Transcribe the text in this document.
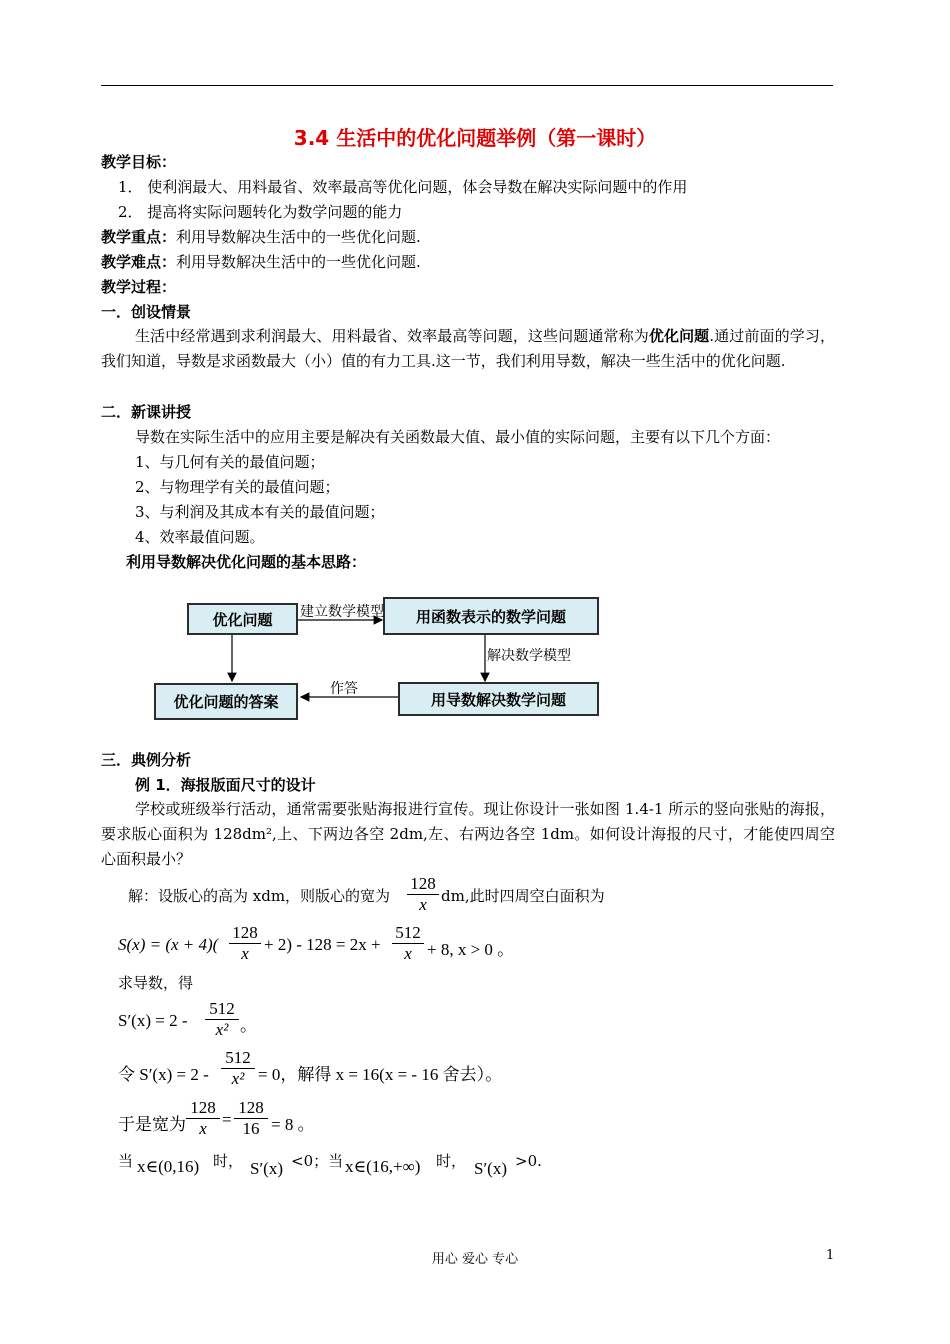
3.4 生活中的优化问题举例（第一课时）
教学目标：
1． 使利润最大、用料最省、效率最高等优化问题，体会导数在解决实际问题中的作用
2． 提高将实际问题转化为数学问题的能力
教学重点：利用导数解决生活中的一些优化问题.
教学难点：利用导数解决生活中的一些优化问题.
教学过程：
一．创设情景
生活中经常遇到求利润最大、用料最省、效率最高等问题，这些问题通常称为优化问题.通过前面的学习，我们知道，导数是求函数最大（小）值的有力工具.这一节，我们利用导数，解决一些生活中的优化问题.
二．新课讲授
导数在实际生活中的应用主要是解决有关函数最大值、最小值的实际问题，主要有以下几个方面：
1、与几何有关的最值问题；
2、与物理学有关的最值问题；
3、与利润及其成本有关的最值问题；
4、效率最值问题。
利用导数解决优化问题的基本思路：
优化问题	用函数表示的数学问题
用导数解决数学问题
优化问题的答案
建立数学模型
解决数学模型
作答
三．典例分析
例 1．海报版面尺寸的设计
学校或班级举行活动，通常需要张贴海报进行宣传。现让你设计一张如图 1.4-1 所示的竖向张贴的海报，要求版心面积为 128dm²,上、下两边各空 2dm,左、右两边各空 1dm。如何设计海报的尺寸，才能使四周空心面积最小？
解：设版心的高为 xdm，则版心的宽为 $\frac{128}{x}$ dm,此时四周空白面积为
$S(x) = (x + 4)( \frac{128}{x} + 2) - 128 = 2x + \frac{512}{x} + 8$, x > 0 。
求导数，得
$S'(x) = 2 - \frac{512}{\text{x²}}$ 。
令 $S'(x) = 2 - \frac{512}{\text{x²}} = 0$，解得 x = 16(x = - 16 舍去）。
于是宽为 $\frac{128}{x} = \frac{128}{16} = 8$ 。
当 x∈(0,16) 时， S′(x) <0；当 x∈(16,+∞) 时， S′(x) >0.
用心 爱心 专心	1
